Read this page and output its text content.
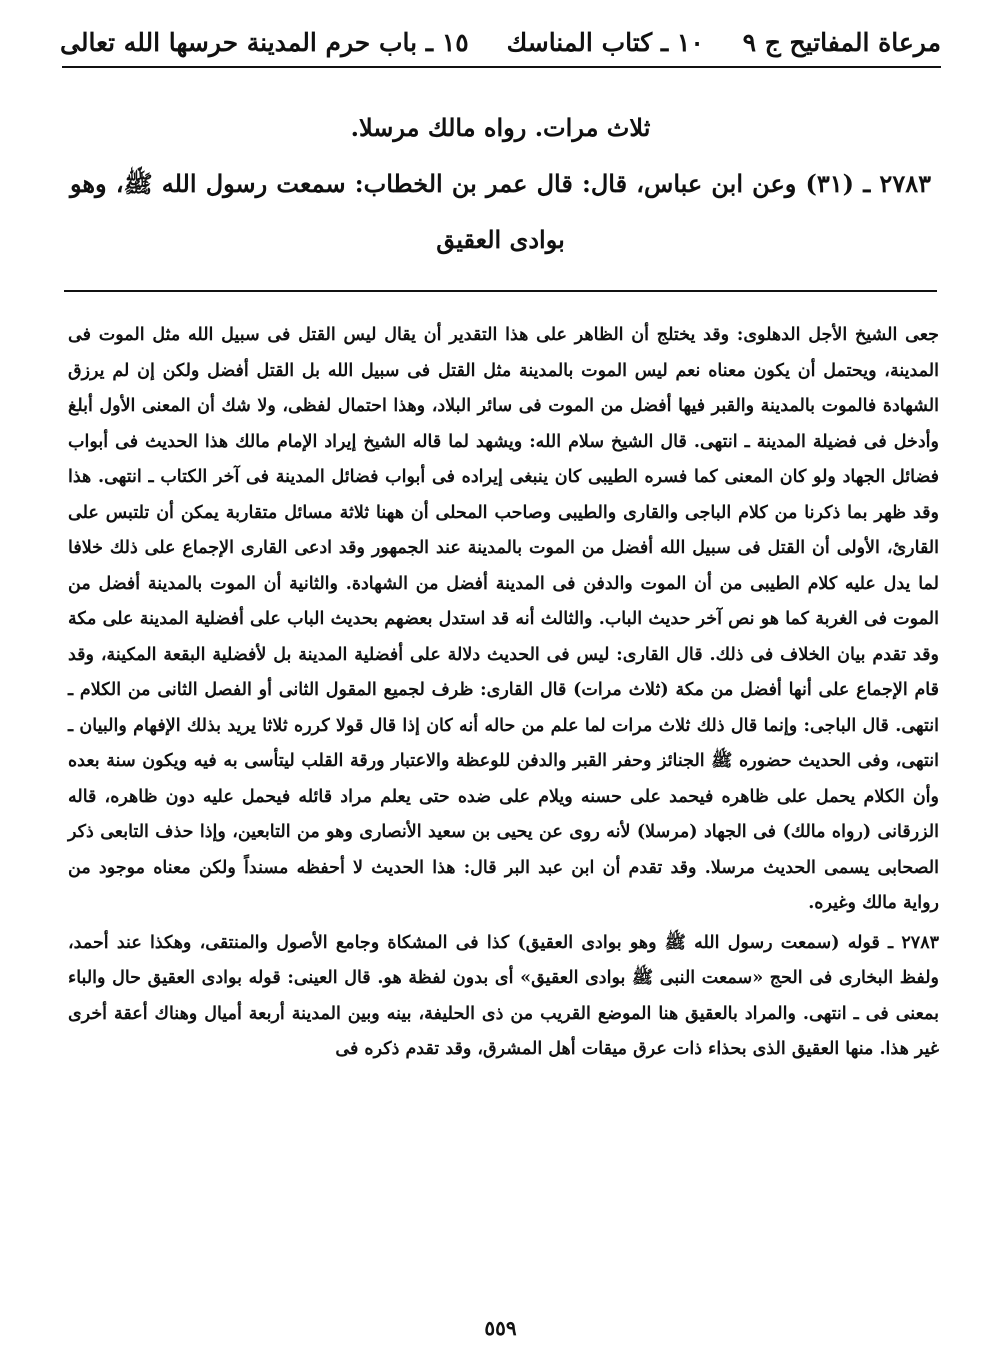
مرعاة المفاتيح ج ٩
١٠ ـ كتاب المناسك
١٥ ـ باب حرم المدينة حرسها الله تعالى
ثلاث مرات. رواه مالك مرسلا.
٢٧٨٣ ـ (٣١) وعن ابن عباس، قال: قال عمر بن الخطاب: سمعت رسول الله ﷺ، وهو
بوادى العقيق

جعى الشيخ الأجل الدهلوى: وقد يختلج أن الظاهر على هذا التقدير أن يقال ليس القتل فى سبيل الله مثل الموت فى المدينة، ويحتمل أن يكون معناه نعم ليس الموت بالمدينة مثل القتل فى سبيل الله بل القتل أفضل ولكن إن لم يرزق الشهادة فالموت بالمدينة والقبر فيها أفضل من الموت فى سائر البلاد، وهذا احتمال لفظى، ولا شك أن المعنى الأول أبلغ وأدخل فى فضيلة المدينة ـ انتهى. قال الشيخ سلام الله: ويشهد لما قاله الشيخ إيراد الإمام مالك هذا الحديث فى أبواب فضائل الجهاد ولو كان المعنى كما فسره الطيبى كان ينبغى إيراده فى أبواب فضائل المدينة فى آخر الكتاب ـ انتهى. هذا وقد ظهر بما ذكرنا من كلام الباجى والقارى والطيبى وصاحب المحلى أن ههنا ثلاثة مسائل متقاربة يمكن أن تلتبس على القارئ، الأولى أن القتل فى سبيل الله أفضل من الموت بالمدينة عند الجمهور وقد ادعى القارى الإجماع على ذلك خلافا لما يدل عليه كلام الطيبى من أن الموت والدفن فى المدينة أفضل من الشهادة. والثانية أن الموت بالمدينة أفضل من الموت فى الغربة كما هو نص آخر حديث الباب. والثالث أنه قد استدل بعضهم بحديث الباب على أفضلية المدينة على مكة وقد تقدم بيان الخلاف فى ذلك. قال القارى: ليس فى الحديث دلالة على أفضلية المدينة بل لأفضلية البقعة المكينة، وقد قام الإجماع على أنها أفضل من مكة (ثلاث مرات) قال القارى: ظرف لجميع المقول الثانى أو الفصل الثانى من الكلام ـ انتهى. قال الباجى: وإنما قال ذلك ثلاث مرات لما علم من حاله أنه كان إذا قال قولا كرره ثلاثا يريد بذلك الإفهام والبيان ـ انتهى، وفى الحديث حضوره ﷺ الجنائز وحفر القبر والدفن للوعظة والاعتبار ورقة القلب ليتأسى به فيه ويكون سنة بعده وأن الكلام يحمل على ظاهره فيحمد على حسنه ويلام على ضده حتى يعلم مراد قائله فيحمل عليه دون ظاهره، قاله الزرقانى (رواه مالك) فى الجهاد (مرسلا) لأنه روى عن يحيى بن سعيد الأنصارى وهو من التابعين، وإذا حذف التابعى ذكر الصحابى يسمى الحديث مرسلا. وقد تقدم أن ابن عبد البر قال: هذا الحديث لا أحفظه مسنداً ولكن معناه موجود من رواية مالك وغيره.

٢٧٨٣ ـ قوله (سمعت رسول الله ﷺ وهو بوادى العقيق) كذا فى المشكاة وجامع الأصول والمنتقى، وهكذا عند أحمد، ولفظ البخارى فى الحج «سمعت النبى ﷺ بوادى العقيق» أى بدون لفظة هو. قال العينى: قوله بوادى العقيق حال والباء بمعنى فى ـ انتهى. والمراد بالعقيق هنا الموضع القريب من ذى الحليفة، بينه وبين المدينة أربعة أميال وهناك أعقة أخرى غير هذا. منها العقيق الذى بحذاء ذات عرق ميقات أهل المشرق، وقد تقدم ذكره فى

٥٥٩
